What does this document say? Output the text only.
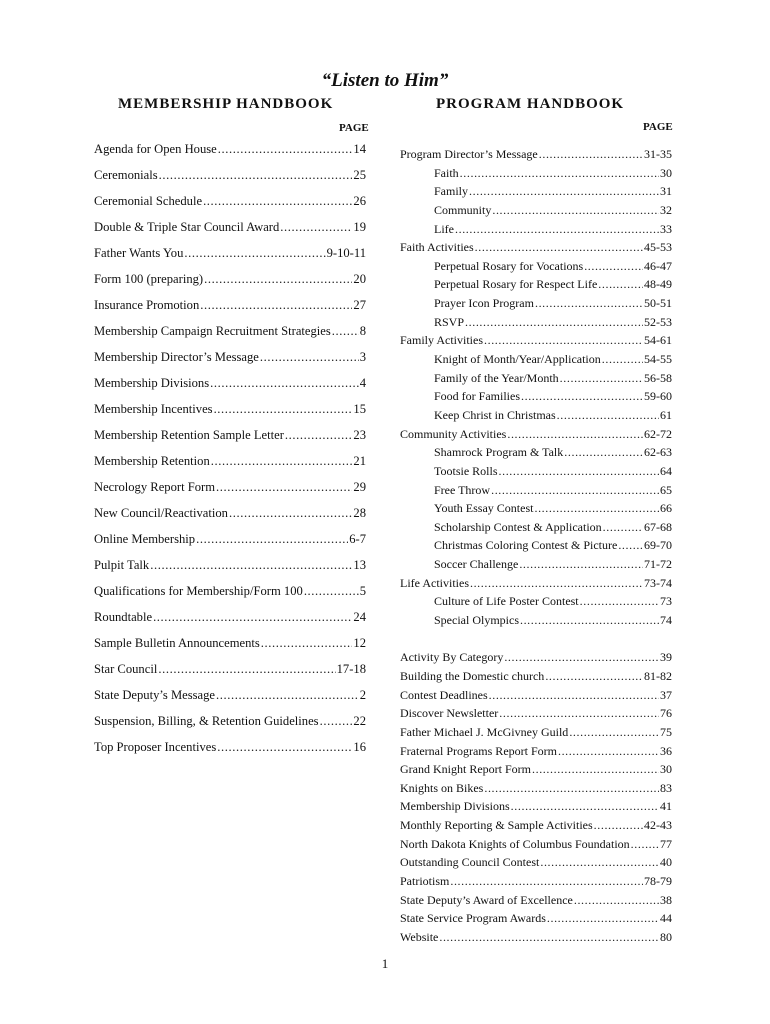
“Listen to Him”
MEMBERSHIP HANDBOOK	PROGRAM HANDBOOK
PAGE	PAGE
Agenda for Open House .....	14
Ceremonials .....	25
Ceremonial Schedule .....	26
Double & Triple Star Council Award .....	19
Father Wants You .....	9-10-11
Form 100 (preparing) .....	20
Insurance Promotion .....	27
Membership Campaign Recruitment Strategies ..... 8
Membership Director’s Message .....	3
Membership Divisions .....	4
Membership Incentives .....	15
Membership Retention Sample Letter .....	23
Membership Retention .....	21
Necrology Report Form .....	29
New Council/Reactivation .....	28
Online Membership .....	6-7
Pulpit Talk .....	13
Qualifications for Membership/Form 100 .....	5
Roundtable .....	24
Sample Bulletin Announcements .....	12
Star Council .....	17-18
State Deputy’s Message .....	2
Suspension, Billing, & Retention Guidelines .....	22
Top Proposer Incentives .....	16
Program Director’s Message .....	31-35
Faith .....	30
Family .....	31
Community .....	32
Life .....	33
Faith Activities .....	45-53
Perpetual Rosary for Vocations .....	46-47
Perpetual Rosary for Respect Life .....	48-49
Prayer Icon Program .....	50-51
RSVP .....	52-53
Family Activities .....	54-61
Knight of Month/Year/Application .....	54-55
Family of the Year/Month .....	56-58
Food for Families .....	59-60
Keep Christ in Christmas .....	61
Community Activities .....	62-72
Shamrock Program & Talk .....	62-63
Tootsie Rolls .....	64
Free Throw .....	65
Youth Essay Contest .....	66
Scholarship Contest & Application .....	67-68
Christmas Coloring Contest & Picture ..... 69-70
Soccer Challenge .....	71-72
Life Activities .....	73-74
Culture of Life Poster Contest .....	73
Special Olympics .....	74
Activity By Category .....	39
Building the Domestic church .....	81-82
Contest Deadlines .....	37
Discover Newsletter .....	76
Father Michael J. McGivney Guild .....	75
Fraternal Programs Report Form .....	36
Grand Knight Report Form .....	30
Knights on Bikes .....	83
Membership Divisions .....	41
Monthly Reporting & Sample Activities .....	42-43
North Dakota Knights of Columbus Foundation .....	77
Outstanding Council Contest .....	40
Patriotism .....	78-79
State Deputy’s Award of Excellence .....	38
State Service Program Awards .....	44
Website .....	80
1
